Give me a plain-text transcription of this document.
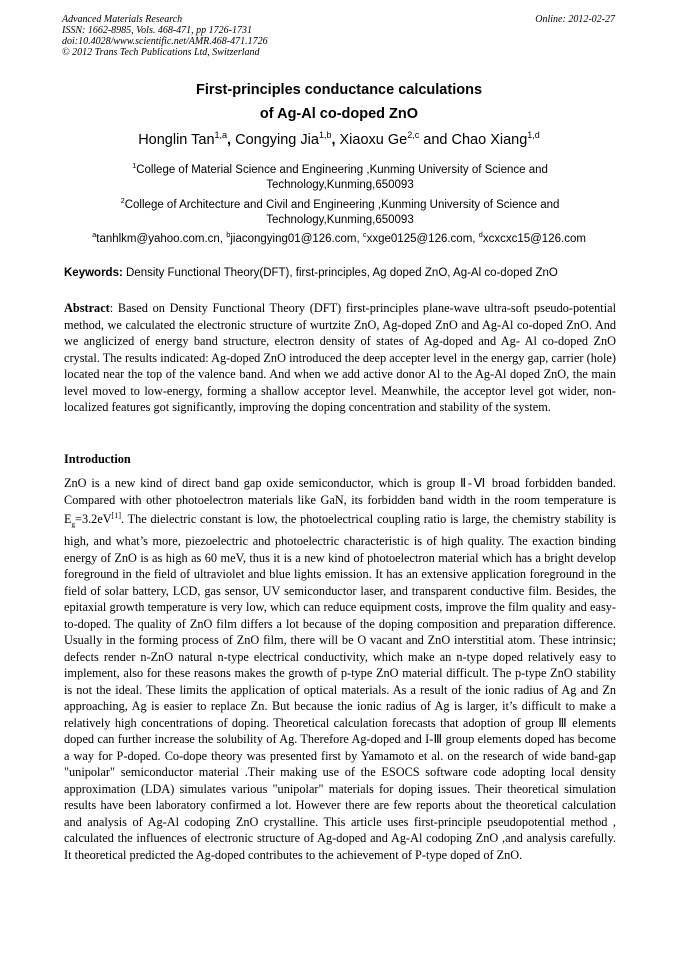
Advanced Materials Research
ISSN: 1662-8985, Vols. 468-471, pp 1726-1731
doi:10.4028/www.scientific.net/AMR.468-471.1726
© 2012 Trans Tech Publications Ltd, Switzerland
Online: 2012-02-27
First-principles conductance calculations
of Ag-Al co-doped ZnO
Honglin Tan$^{1,a}$, Congying Jia$^{1,b}$, Xiaoxu Ge$^{2,c}$ and Chao Xiang$^{1,d}$
$^1$College of Material Science and Engineering ,Kunming University of Science and
Technology,Kunming,650093
$^2$College of Architecture and Civil and Engineering ,Kunming University of Science and
Technology,Kunming,650093
$^a$tanhlkm@yahoo.com.cn, $^b$jiacongying01@126.com, $^c$xxge0125@126.com, $^d$xcxcxc15@126.com
Keywords: Density Functional Theory(DFT), first-principles, Ag doped ZnO, Ag-Al co-doped ZnO
Abstract: Based on Density Functional Theory (DFT) first-principles plane-wave ultra-soft pseudo-potential method, we calculated the electronic structure of wurtzite ZnO, Ag-doped ZnO and Ag-Al co-doped ZnO. And we anglicized of energy band structure, electron density of states of Ag-doped and Ag- Al co-doped ZnO crystal. The results indicated: Ag-doped ZnO introduced the deep accepter level in the energy gap, carrier (hole) located near the top of the valence band. And when we add active donor Al to the Ag-Al doped ZnO, the main level moved to low-energy, forming a shallow acceptor level. Meanwhile, the acceptor level got wider, non-localized features got significantly, improving the doping concentration and stability of the system.
Introduction
ZnO is a new kind of direct band gap oxide semiconductor, which is group Ⅱ-Ⅵ broad forbidden banded. Compared with other photoelectron materials like GaN, its forbidden band width in the room temperature is $E_g=3.2eV[1]$. The dielectric constant is low, the photoelectrical coupling ratio is large, the chemistry stability is high, and what’s more, piezoelectric and photoelectric characteristic is of high quality. The exaction binding energy of ZnO is as high as 60 meV, thus it is a new kind of photoelectron material which has a bright develop foreground in the field of ultraviolet and blue lights emission. It has an extensive application foreground in the field of solar battery, LCD, gas sensor, UV semiconductor laser, and transparent conductive film. Besides, the epitaxial growth temperature is very low, which can reduce equipment costs, improve the film quality and easy-to-doped. The quality of ZnO film differs a lot because of the doping composition and preparation difference. Usually in the forming process of ZnO film, there will be O vacant and ZnO interstitial atom. These intrinsic; defects render n-ZnO natural n-type electrical conductivity, which make an n-type doped relatively easy to implement, also for these reasons makes the growth of p-type ZnO material difficult. The p-type ZnO stability is not the ideal. These limits the application of optical materials. As a result of the ionic radius of Ag and Zn approaching, Ag is easier to replace Zn. But because the ionic radius of Ag is larger, it’s difficult to make a relatively high concentrations of doping. Theoretical calculation forecasts that adoption of group Ⅲ elements doped can further increase the solubility of Ag. Therefore Ag-doped and I-Ⅲ group elements doped has become a way for P-doped. Co-dope theory was presented first by Yamamoto et al. on the research of wide band-gap "unipolar" semiconductor material .Their making use of the ESOCS software code adopting local density approximation (LDA) simulates various "unipolar" materials for doping issues. Their theoretical simulation results have been laboratory confirmed a lot. However there are few reports about the theoretical calculation and analysis of Ag-Al codoping ZnO crystalline. This article uses first-principle pseudopotential method , calculated the influences of electronic structure of Ag-doped and Ag-Al codoping ZnO ,and analysis carefully. It theoretical predicted the Ag-doped contributes to the achievement of P-type doped of ZnO.
